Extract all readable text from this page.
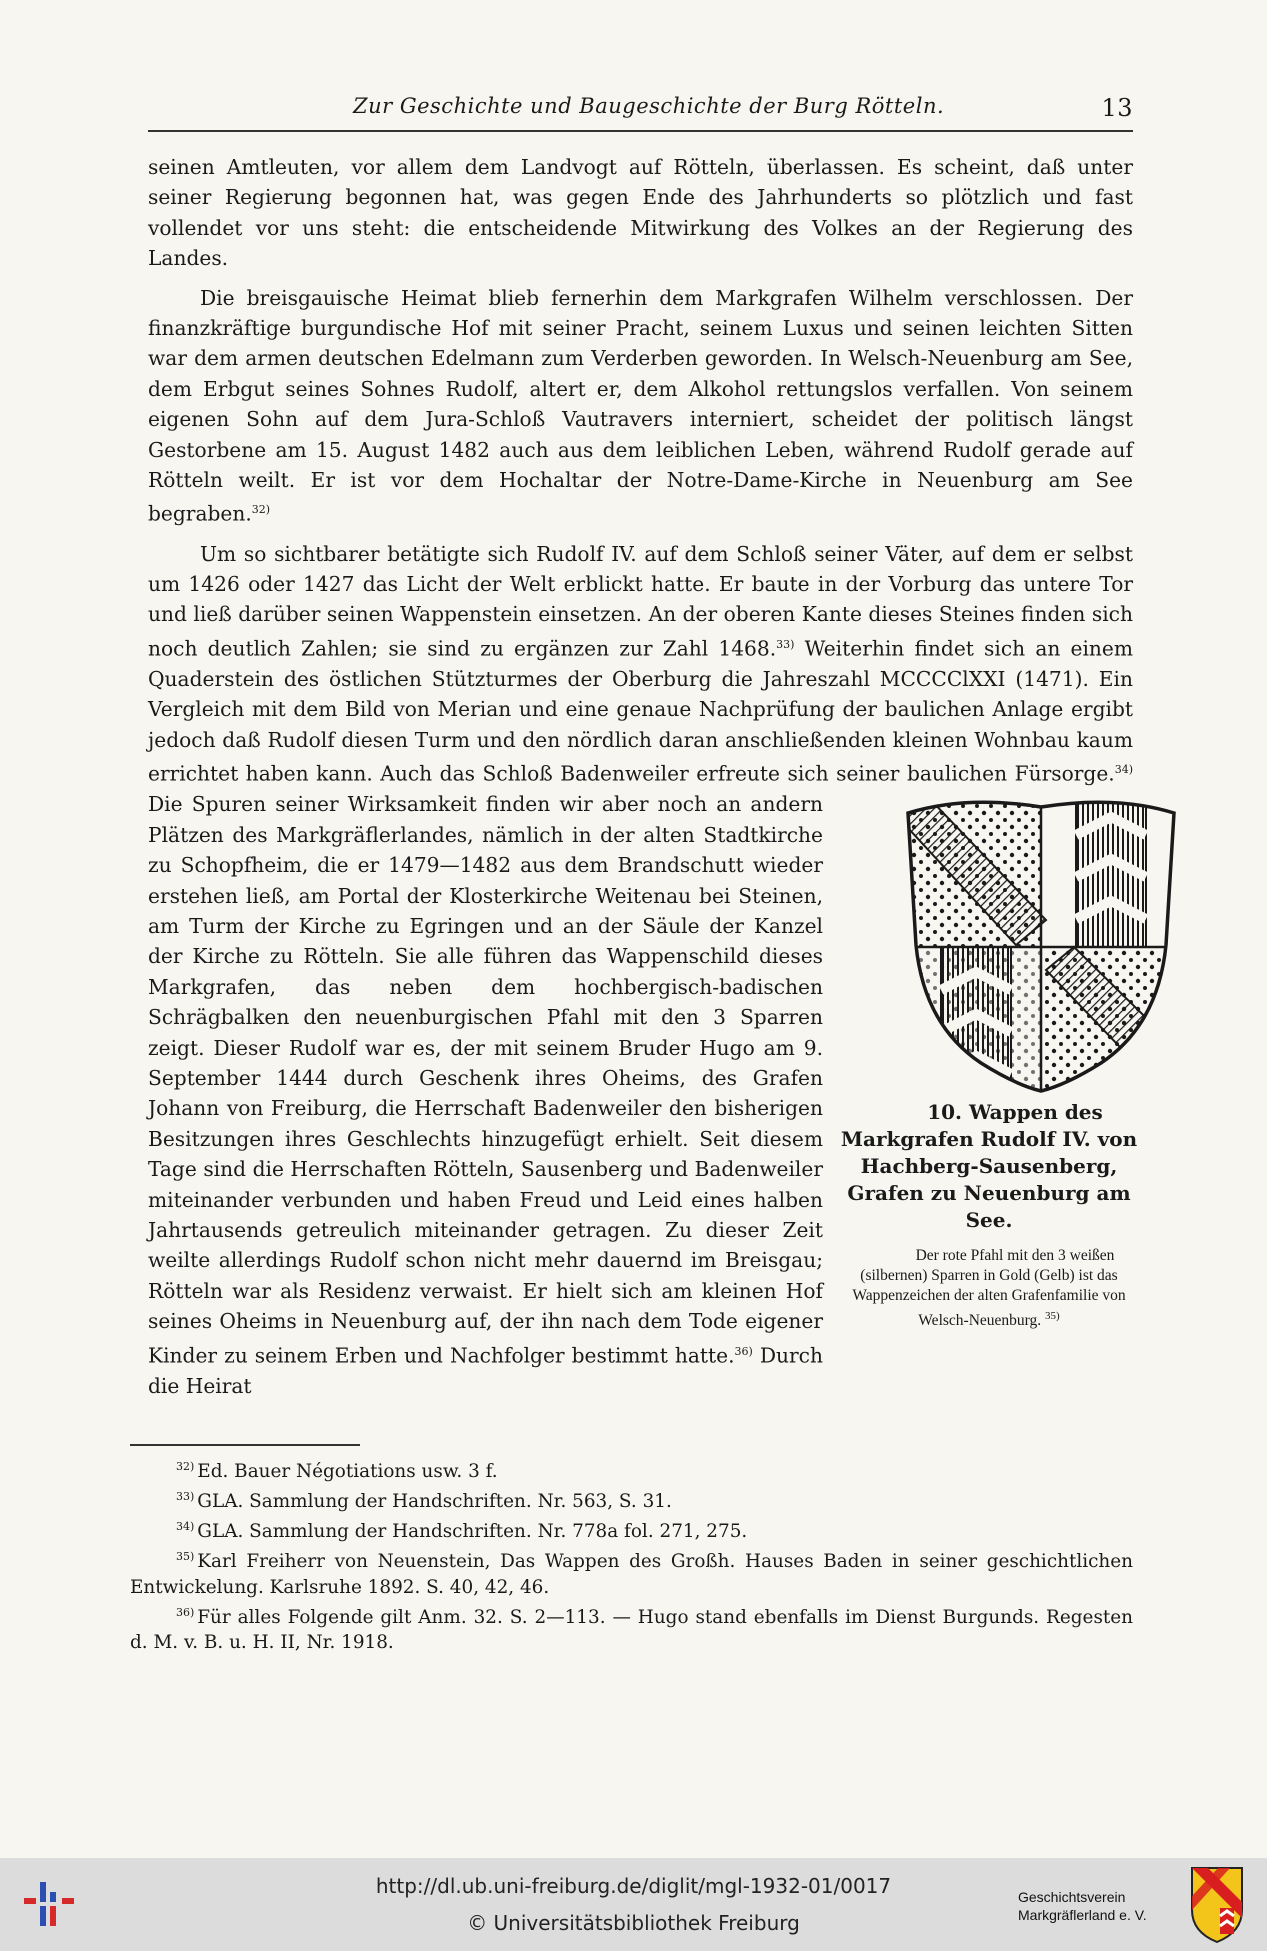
Zur Geschichte und Baugeschichte der Burg Rötteln.	13

seinen Amtleuten, vor allem dem Landvogt auf Rötteln, überlassen. Es scheint, daß unter seiner Regierung begonnen hat, was gegen Ende des Jahrhunderts so plötzlich und fast vollendet vor uns steht: die entscheidende Mitwirkung des Volkes an der Regierung des Landes.

Die breisgauische Heimat blieb fernerhin dem Markgrafen Wilhelm verschlossen. Der finanzkräftige burgundische Hof mit seiner Pracht, seinem Luxus und seinen leichten Sitten war dem armen deutschen Edelmann zum Verderben geworden. In Welsch-Neuenburg am See, dem Erbgut seines Sohnes Rudolf, altert er, dem Alkohol rettungslos verfallen. Von seinem eigenen Sohn auf dem Jura-Schloß Vautravers interniert, scheidet der politisch längst Gestorbene am 15. August 1482 auch aus dem leiblichen Leben, während Rudolf gerade auf Rötteln weilt. Er ist vor dem Hochaltar der Notre-Dame-Kirche in Neuenburg am See begraben.$^{32)}$

Um so sichtbarer betätigte sich Rudolf IV. auf dem Schloß seiner Väter, auf dem er selbst um 1426 oder 1427 das Licht der Welt erblickt hatte. Er baute in der Vorburg das untere Tor und ließ darüber seinen Wappenstein einsetzen. An der oberen Kante dieses Steines finden sich noch deutlich Zahlen; sie sind zu ergänzen zur Zahl 1468.$^{33)}$ Weiterhin findet sich an einem Quaderstein des östlichen Stützturmes der Oberburg die Jahreszahl MCCCClXXI (1471). Ein Vergleich mit dem Bild von Merian und eine genaue Nachprüfung der baulichen Anlage ergibt jedoch daß Rudolf diesen Turm und den nördlich daran anschließenden kleinen Wohnbau kaum errichtet haben kann. Auch das Schloß Badenweiler erfreute sich seiner baulichen Fürsorge.$^{34)}$
10. Wappen des Markgrafen Rudolf IV. von Hachberg-Sausenberg, Grafen zu Neuenburg am See.
Der rote Pfahl mit den 3 weißen (silbernen) Sparren in Gold (Gelb) ist das Wappenzeichen der alten Grafenfamilie von Welsch-Neuenburg. $^{35)}$
Die Spuren seiner Wirksamkeit finden wir aber noch an andern Plätzen des Markgräflerlandes, nämlich in der alten Stadtkirche zu Schopfheim, die er 1479—1482 aus dem Brandschutt wieder erstehen ließ, am Portal der Klosterkirche Weitenau bei Steinen, am Turm der Kirche zu Egringen und an der Säule der Kanzel der Kirche zu Rötteln. Sie alle führen das Wappenschild dieses Markgrafen, das neben dem hochbergisch-badischen Schrägbalken den neuenburgischen Pfahl mit den 3 Sparren zeigt. Dieser Rudolf war es, der mit seinem Bruder Hugo am 9. September 1444 durch Geschenk ihres Oheims, des Grafen Johann von Freiburg, die Herrschaft Badenweiler den bisherigen Besitzungen ihres Geschlechts hinzugefügt erhielt. Seit diesem Tage sind die Herrschaften Rötteln, Sausenberg und Badenweiler miteinander verbunden und haben Freud und Leid eines halben Jahrtausends getreulich miteinander getragen. Zu dieser Zeit weilte allerdings Rudolf schon nicht mehr dauernd im Breisgau; Rötteln war als Residenz verwaist. Er hielt sich am kleinen Hof seines Oheims in Neuenburg auf, der ihn nach dem Tode eigener Kinder zu seinem Erben und Nachfolger bestimmt hatte.$^{36)}$ Durch die Heirat

$^{32)}$ Ed. Bauer Négotiations usw. 3 f.

$^{33)}$ GLA. Sammlung der Handschriften. Nr. 563, S. 31.

$^{34)}$ GLA. Sammlung der Handschriften. Nr. 778a fol. 271, 275.

$^{35)}$ Karl Freiherr von Neuenstein, Das Wappen des Großh. Hauses Baden in seiner geschichtlichen Entwickelung. Karlsruhe 1892. S. 40, 42, 46.

$^{36)}$ Für alles Folgende gilt Anm. 32. S. 2—113. — Hugo stand ebenfalls im Dienst Burgunds. Regesten d. M. v. B. u. H. II, Nr. 1918.

http://dl.ub.uni-freiburg.de/diglit/mgl-1932-01/0017
© Universitätsbibliothek Freiburg
Geschichtsverein
Markgräflerland e. V.
